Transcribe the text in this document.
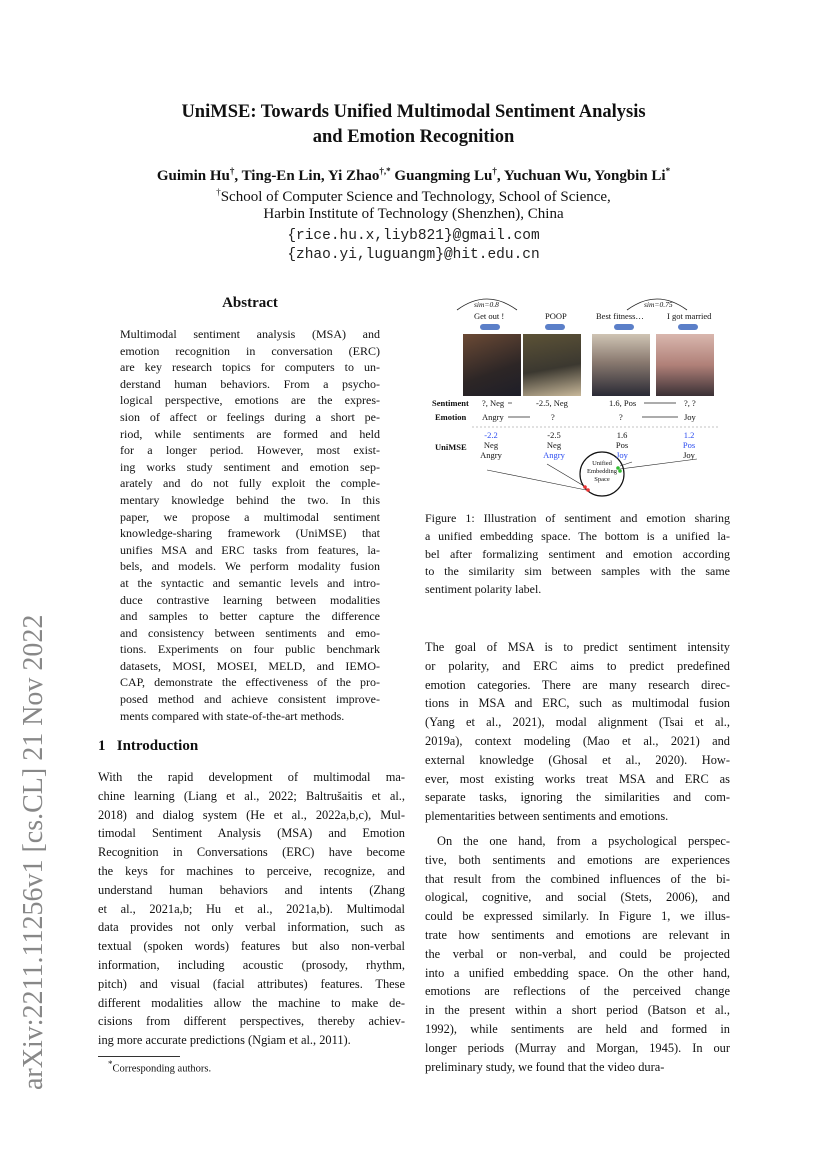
arXiv:2211.11256v1 [cs.CL] 21 Nov 2022
UniMSE: Towards Unified Multimodal Sentiment Analysis
and Emotion Recognition
Guimin Hu†, Ting-En Lin, Yi Zhao†,* Guangming Lu†, Yuchuan Wu, Yongbin Li*
†School of Computer Science and Technology, School of Science,
Harbin Institute of Technology (Shenzhen), China
{rice.hu.x,liyb821}@gmail.com
{zhao.yi,luguangm}@hit.edu.cn
Abstract
Multimodal sentiment analysis (MSA) and
emotion recognition in conversation (ERC)
are key research topics for computers to un-
derstand human behaviors. From a psycho-
logical perspective, emotions are the expres-
sion of affect or feelings during a short pe-
riod, while sentiments are formed and held
for a longer period. However, most exist-
ing works study sentiment and emotion sep-
arately and do not fully exploit the comple-
mentary knowledge behind the two. In this
paper, we propose a multimodal sentiment
knowledge-sharing framework (UniMSE) that
unifies MSA and ERC tasks from features, la-
bels, and models. We perform modality fusion
at the syntactic and semantic levels and intro-
duce contrastive learning between modalities
and samples to better capture the difference
and consistency between sentiments and emo-
tions. Experiments on four public benchmark
datasets, MOSI, MOSEI, MELD, and IEMO-
CAP, demonstrate the effectiveness of the pro-
posed method and achieve consistent improve-
ments compared with state-of-the-art methods.
1 Introduction
With the rapid development of multimodal ma-
chine learning (Liang et al., 2022; Baltrušaitis et al.,
2018) and dialog system (He et al., 2022a,b,c), Mul-
timodal Sentiment Analysis (MSA) and Emotion
Recognition in Conversations (ERC) have become
the keys for machines to perceive, recognize, and
understand human behaviors and intents (Zhang
et al., 2021a,b; Hu et al., 2021a,b). Multimodal
data provides not only verbal information, such as
textual (spoken words) features but also non-verbal
information, including acoustic (prosody, rhythm,
pitch) and visual (facial attributes) features. These
different modalities allow the machine to make de-
cisions from different perspectives, thereby achiev-
ing more accurate predictions (Ngiam et al., 2011).
*Corresponding authors.
sim=0.8	sim=0.75
Get out !	POOP	Best fitness…	I got married
Sentiment
Emotion
UniMSE
?, Neg	-2.5, Neg	1.6, Pos	?, ?
Angry	?	?	Joy
-2.2
Neg
Angry
-2.5
Neg
Angry
1.6
Pos
Joy
1.2
Pos
Joy
Unified
Embedding
Space
Figure 1: Illustration of sentiment and emotion sharing
a unified embedding space. The bottom is a unified la-
bel after formalizing sentiment and emotion according
to the similarity sim between samples with the same
sentiment polarity label.
The goal of MSA is to predict sentiment intensity
or polarity, and ERC aims to predict predefined
emotion categories. There are many research direc-
tions in MSA and ERC, such as multimodal fusion
(Yang et al., 2021), modal alignment (Tsai et al.,
2019a), context modeling (Mao et al., 2021) and
external knowledge (Ghosal et al., 2020). How-
ever, most existing works treat MSA and ERC as
separate tasks, ignoring the similarities and com-
plementarities between sentiments and emotions.
On the one hand, from a psychological perspec-
tive, both sentiments and emotions are experiences
that result from the combined influences of the bi-
ological, cognitive, and social (Stets, 2006), and
could be expressed similarly. In Figure 1, we illus-
trate how sentiments and emotions are relevant in
the verbal or non-verbal, and could be projected
into a unified embedding space. On the other hand,
emotions are reflections of the perceived change
in the present within a short period (Batson et al.,
1992), while sentiments are held and formed in
longer periods (Murray and Morgan, 1945). In our
preliminary study, we found that the video dura-
